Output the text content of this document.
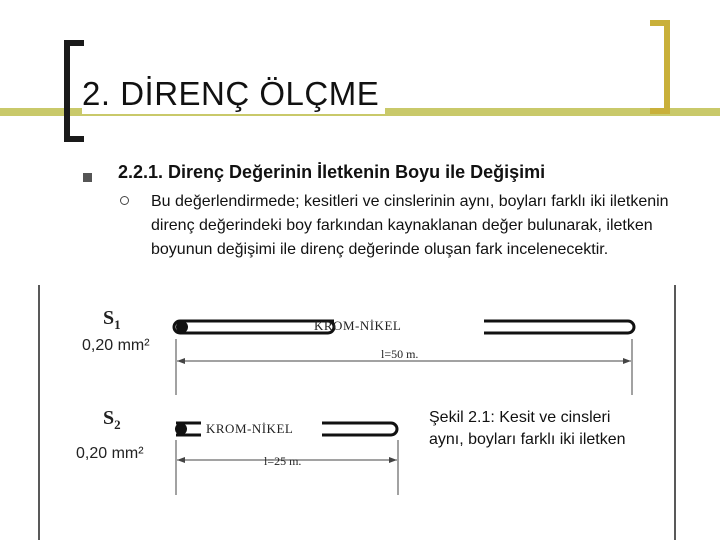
2. DİRENÇ ÖLÇME
2.2.1. Direnç Değerinin İletkenin Boyu ile Değişimi
Bu değerlendirmede; kesitleri ve cinslerinin aynı, boyları farklı iki iletkenin direnç değerindeki boy farkından kaynaklanan değer bulunarak, iletken boyunun değişimi ile direnç değerinde oluşan fark incelenecektir.
$S_1$
0,20 mm²
KROM-NİKEL
l=50 m.
$S_2$
0,20 mm²
KROM-NİKEL
l=25 m.
Şekil 2.1: Kesit ve cinsleri aynı, boyları farklı iki iletken
